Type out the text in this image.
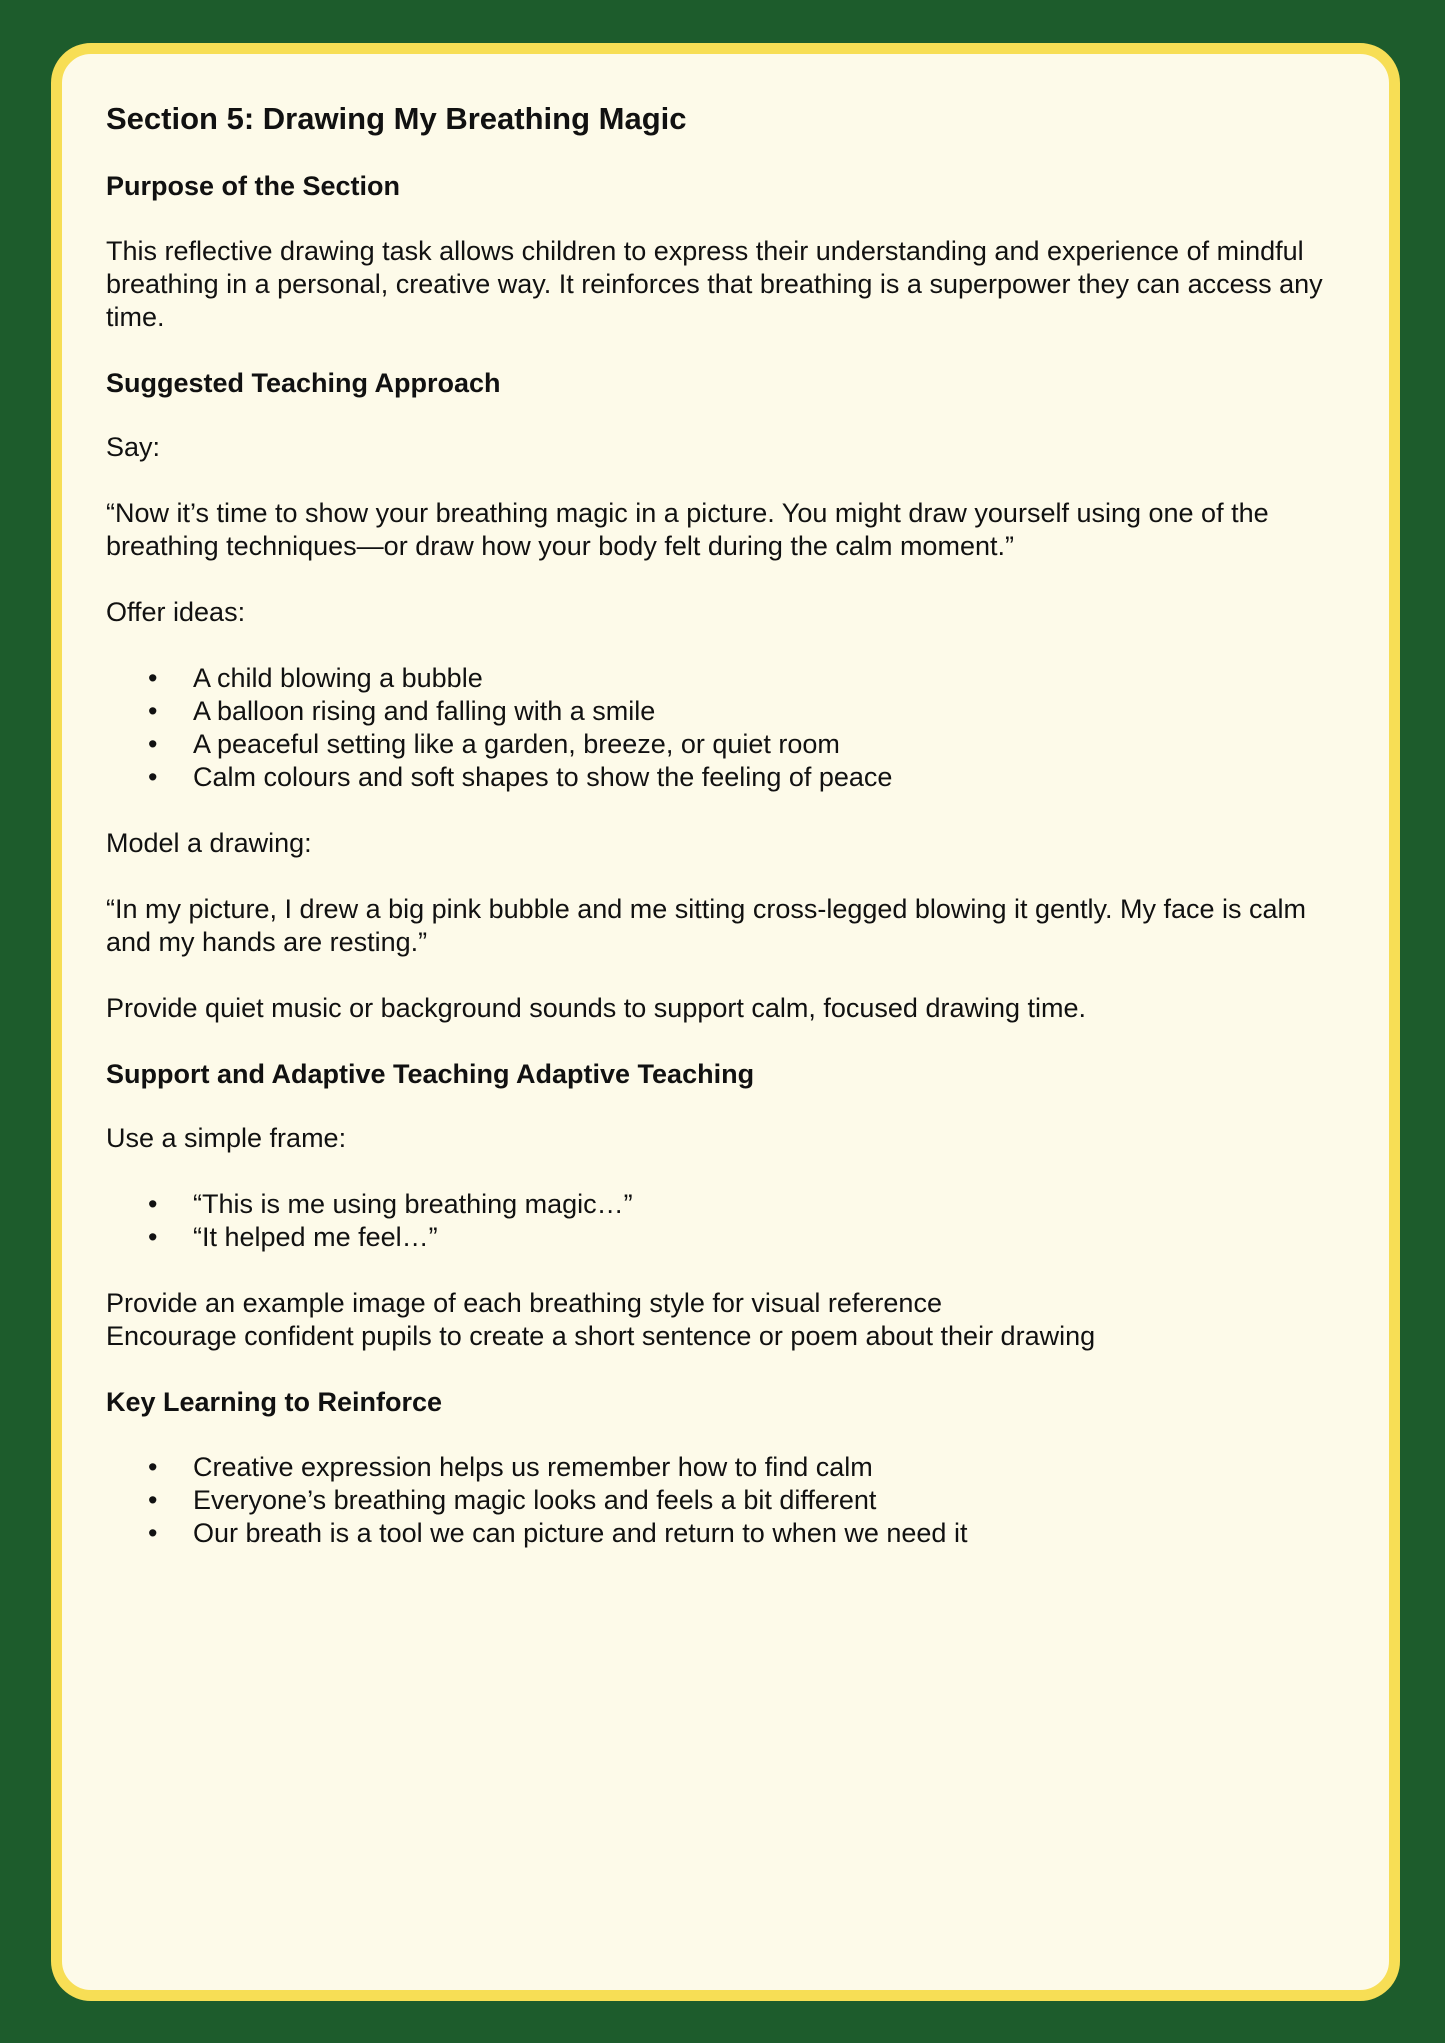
Section 5: Drawing My Breathing Magic
Purpose of the Section

This reflective drawing task allows children to express their understanding and experience of mindful breathing in a personal, creative way. It reinforces that breathing is a superpower they can access any time.

Suggested Teaching Approach

Say:

“Now it’s time to show your breathing magic in a picture. You might draw yourself using one of the breathing techniques—or draw how your body felt during the calm moment.”

Offer ideas:

• A child blowing a bubble
• A balloon rising and falling with a smile
• A peaceful setting like a garden, breeze, or quiet room
• Calm colours and soft shapes to show the feeling of peace

Model a drawing:

“In my picture, I drew a big pink bubble and me sitting cross-legged blowing it gently. My face is calm and my hands are resting.”

Provide quiet music or background sounds to support calm, focused drawing time.

Support and Adaptive Teaching Adaptive Teaching

Use a simple frame:

• “This is me using breathing magic…”
• “It helped me feel…”

Provide an example image of each breathing style for visual reference

Encourage confident pupils to create a short sentence or poem about their drawing

Key Learning to Reinforce
• Creative expression helps us remember how to find calm
• Everyone’s breathing magic looks and feels a bit different
• Our breath is a tool we can picture and return to when we need it
